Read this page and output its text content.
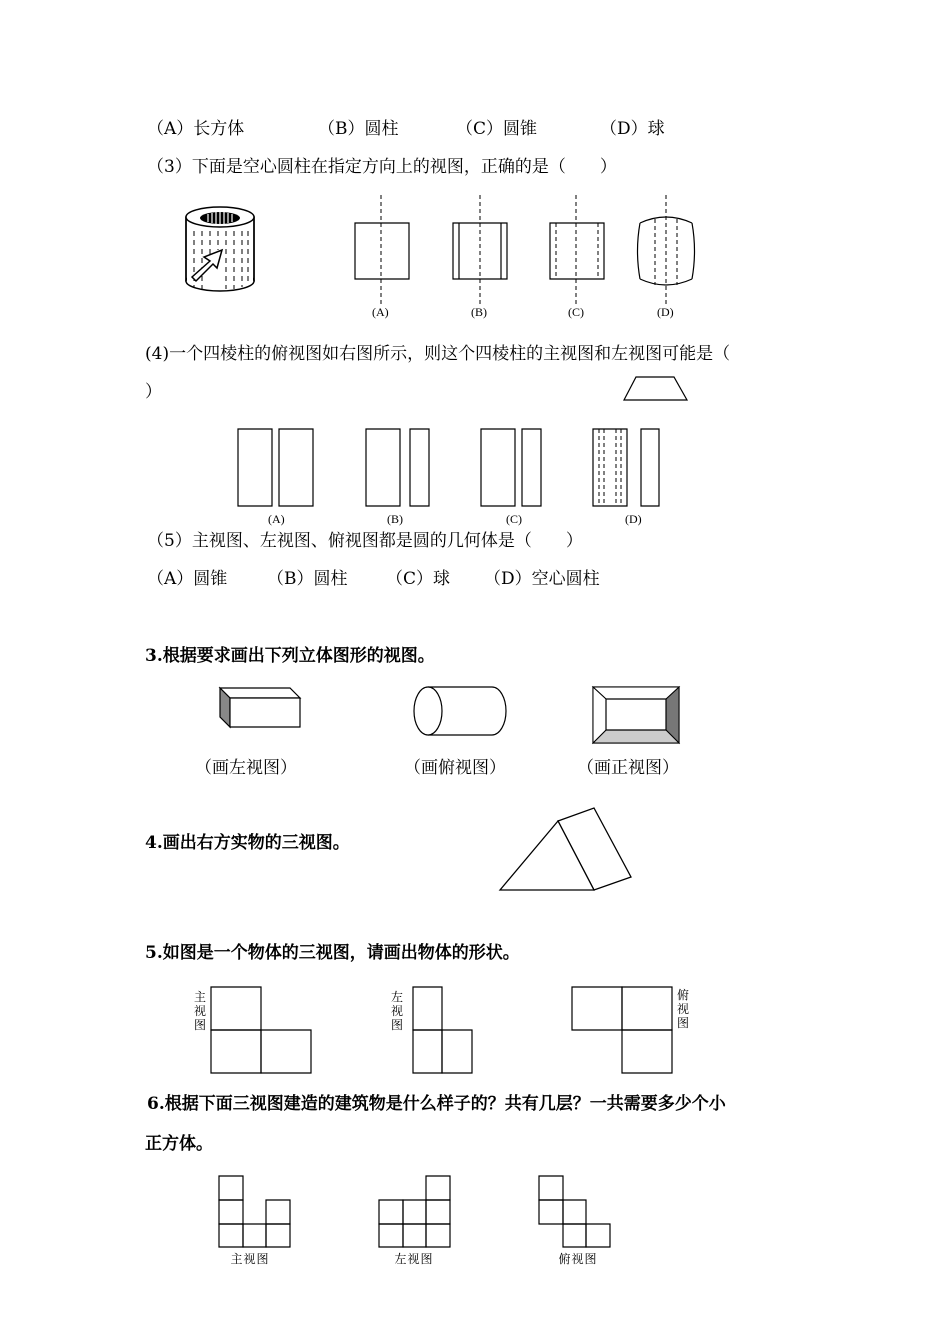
（A）长方体	（B）圆柱	（C）圆锥	（D）球
（3）下面是空心圆柱在指定方向上的视图，正确的是（　　）
(A)	(B)	(C)	(D)
(4)一个四棱柱的俯视图如右图所示，则这个四棱柱的主视图和左视图可能是（
）
(A)	(B)	(C)	(D)
（5）主视图、左视图、俯视图都是圆的几何体是（　　）
（A）圆锥 （B）圆柱 （C）球 （D）空心圆柱
3.根据要求画出下列立体图形的视图。
（画左视图）	（画俯视图）	（画正视图）
4.画出右方实物的三视图。
5.如图是一个物体的三视图，请画出物体的形状。
主视图
左视图
俯视图
6.根据下面三视图建造的建筑物是什么样子的？共有几层？一共需要多少个小
正方体。
主视图	左视图	俯视图
